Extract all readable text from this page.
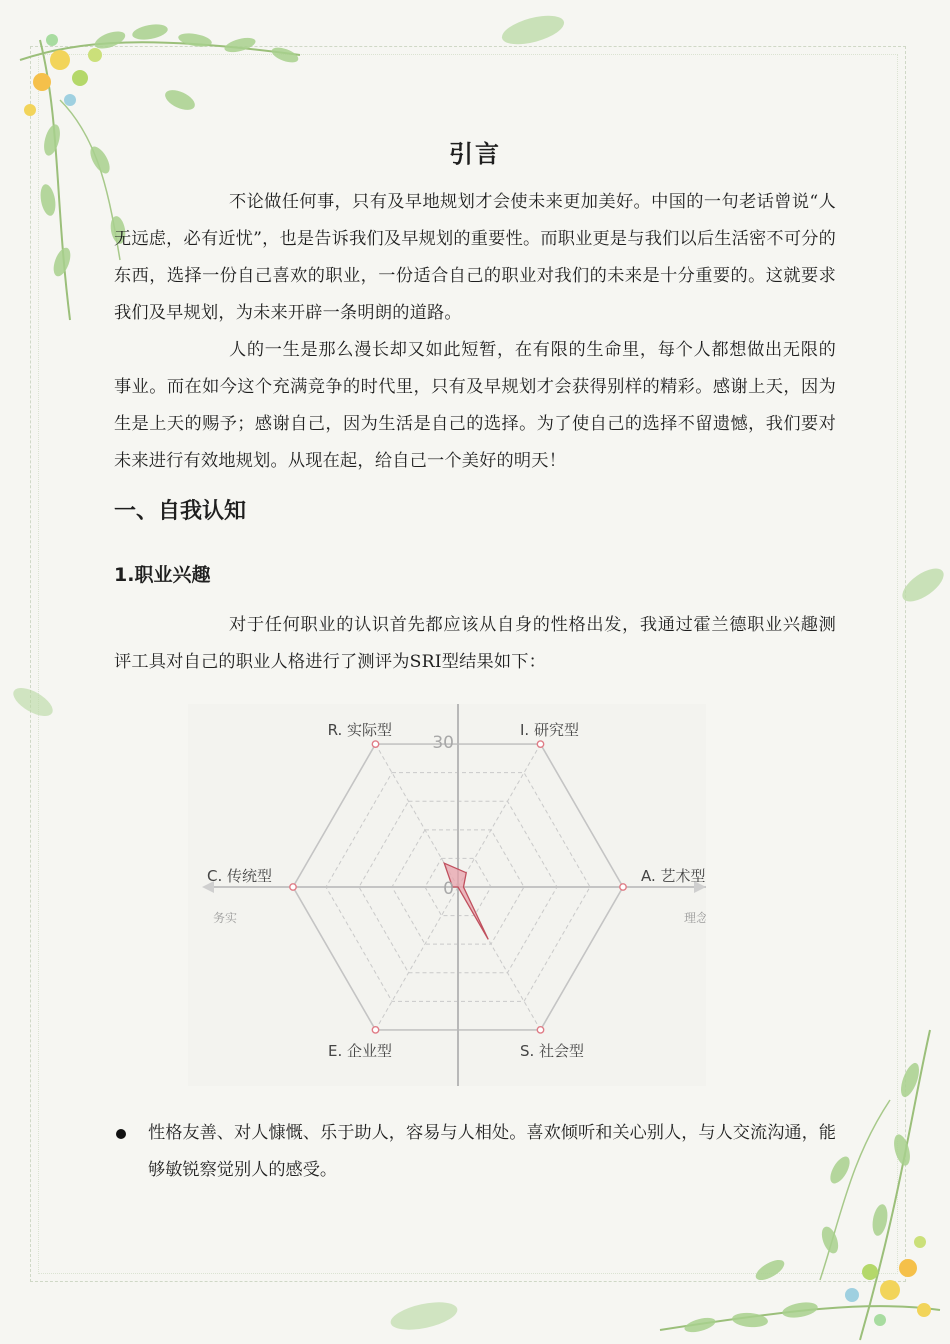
引言

不论做任何事，只有及早地规划才会使未来更加美好。中国的一句老话曾说“人无远虑，必有近忧”，也是告诉我们及早规划的重要性。而职业更是与我们以后生活密不可分的东西，选择一份自己喜欢的职业，一份适合自己的职业对我们的未来是十分重要的。这就要求我们及早规划，为未来开辟一条明朗的道路。

人的一生是那么漫长却又如此短暂，在有限的生命里，每个人都想做出无限的事业。而在如今这个充满竞争的时代里，只有及早规划才会获得别样的精彩。感谢上天，因为生是上天的赐予；感谢自己，因为生活是自己的选择。为了使自己的选择不留遗憾，我们要对未来进行有效地规划。从现在起，给自己一个美好的明天！

一、自我认知
1.职业兴趣

对于任何职业的认识首先都应该从自身的性格出发，我通过霍兰德职业兴趣测评工具对自己的职业人格进行了测评为SRI型结果如下：

R. 实际型	I. 研究型
A. 艺术型
S. 社会型
E. 企业型
C. 传统型
务实	理念
30
0

性格友善、对人慷慨、乐于助人，容易与人相处。喜欢倾听和关心别人，与人交流沟通，能够敏锐察觉别人的感受。
